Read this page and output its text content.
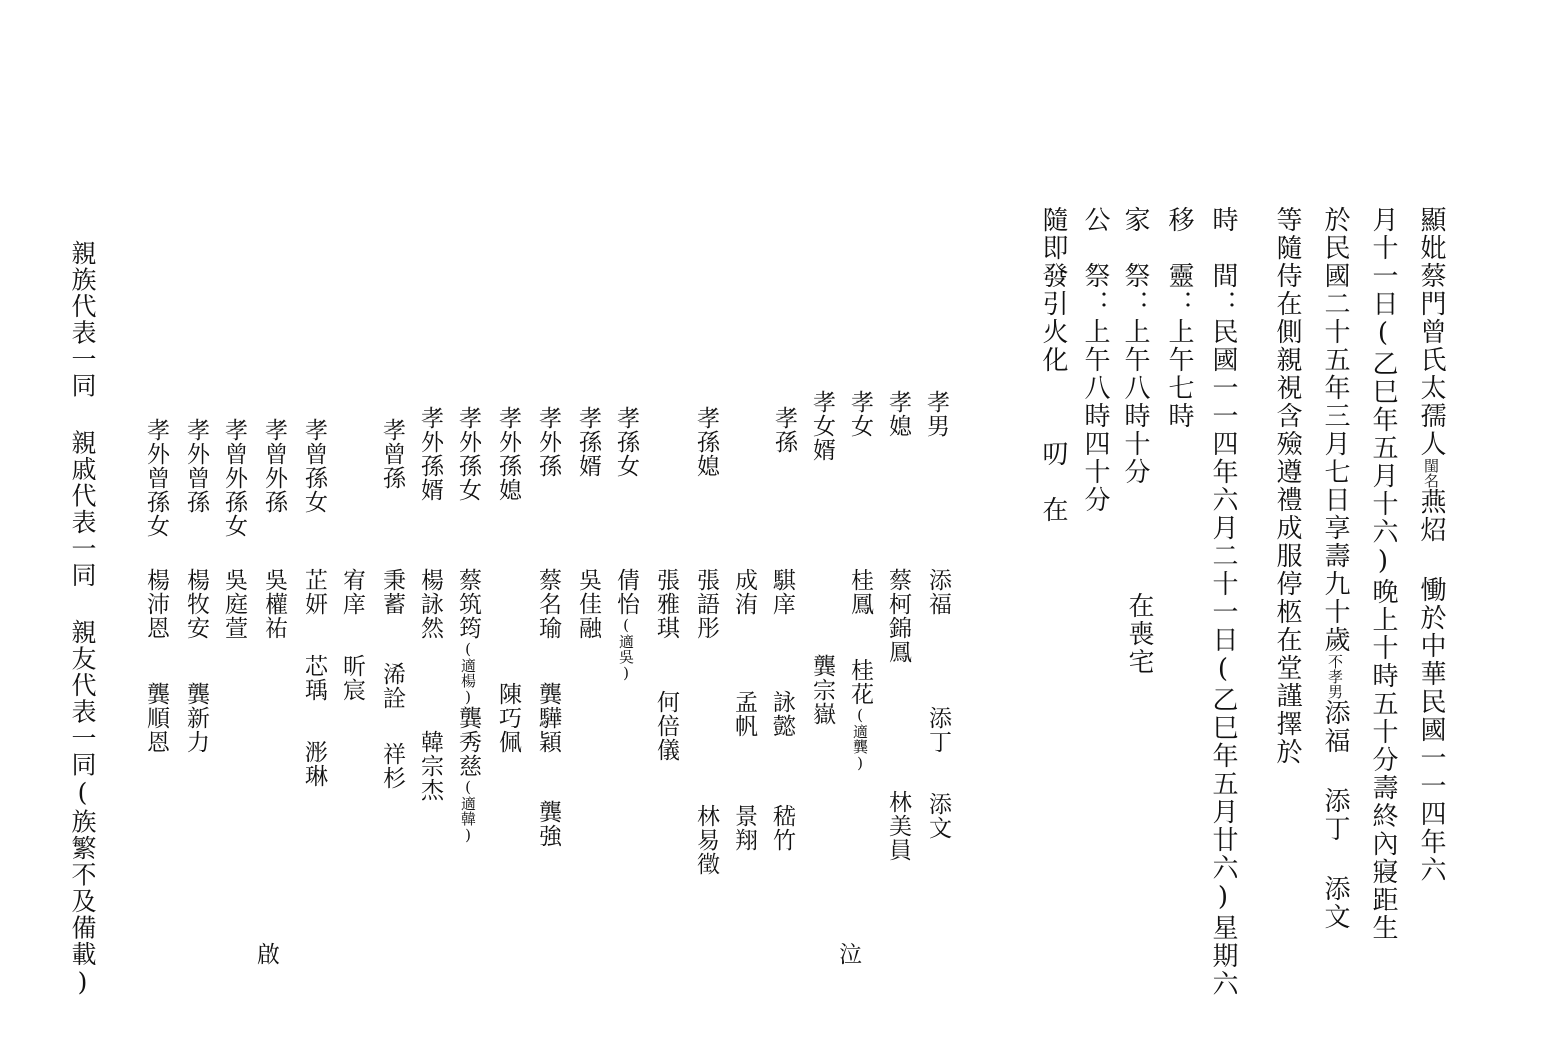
顯妣蔡門曾氏太孺人閨名燕炤 慟於中華民國一一四年六
月十一日(乙巳年五月十六)晚上十時五十分壽終內寢距生
於民國二十五年三月七日享壽九十歲不孝男添福 添丁 添文
等隨侍在側親視含殮遵禮成服停柩在堂謹擇於
時　間：民國一一四年六月二十一日(乙巳年五月廿六)星期六
移　靈：上午七時
家　祭：上午八時十分
在喪宅
公　祭：上午八時四十分
隨即發引火化
叨　在
孝男
孝媳
孝女
孝女婿
孝孫
孝孫媳
孝孫女
孝孫婿
孝外孫
孝外孫媳
孝外孫女
孝外孫婿
孝曾孫
孝曾孫女
孝曾外孫
孝曾外孫女
孝外曾孫
孝外曾孫女
添福
添丁
添文
蔡柯錦鳳
林美員
桂鳳
桂花(適龔)
龔宗嶽
騏庠
詠懿
嵇竹
成洧
孟帆
景翔
張語彤
林易徵
張雅琪
何倍儀
倩怡(適吳)
吳佳融
蔡名瑜
龔驊穎
龔強
陳巧佩
蔡筑筠(適楊)龔秀慈(適韓)
楊詠然
韓宗杰
秉蓄
浠詮
祥杉
宥庠
昕宸
芷妍
芯瑀
浵琳
吳權祐
吳庭萱
楊牧安
龔新力
楊沛恩
龔順恩
泣
親族代表一同 親戚代表一同 親友代表一同(族繁不及備載)	啟
